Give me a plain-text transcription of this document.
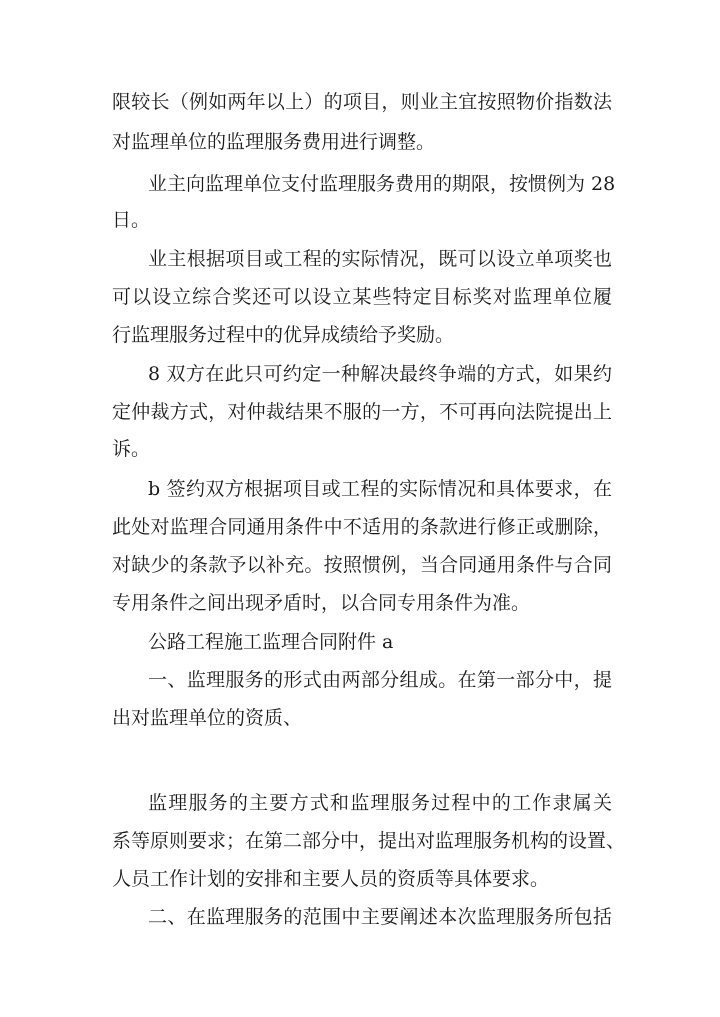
限较长（例如两年以上）的项目，则业主宜按照物价指数法
对监理单位的监理服务费用进行调整。
业主向监理单位支付监理服务费用的期限，按惯例为 28
日。
业主根据项目或工程的实际情况，既可以设立单项奖也
可以设立综合奖还可以设立某些特定目标奖对监理单位履
行监理服务过程中的优异成绩给予奖励。
8 双方在此只可约定一种解决最终争端的方式，如果约
定仲裁方式，对仲裁结果不服的一方，不可再向法院提出上
诉。
b 签约双方根据项目或工程的实际情况和具体要求，在
此处对监理合同通用条件中不适用的条款进行修正或删除，
对缺少的条款予以补充。按照惯例，当合同通用条件与合同
专用条件之间出现矛盾时，以合同专用条件为准。
公路工程施工监理合同附件 a
一、监理服务的形式由两部分组成。在第一部分中，提
出对监理单位的资质、
监理服务的主要方式和监理服务过程中的工作隶属关
系等原则要求；在第二部分中，提出对监理服务机构的设置、
人员工作计划的安排和主要人员的资质等具体要求。
二、在监理服务的范围中主要阐述本次监理服务所包括
